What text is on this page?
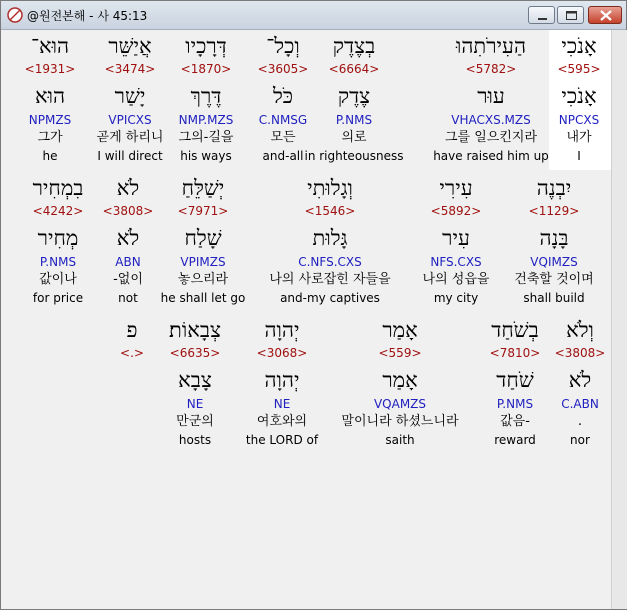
@원전본해 - 사 45:13
אָנֹכִי
<595>
אָנֹכִי
NPCXS
내가
I
הַעִירֹתִהוּ
<5782>
עוּר
VHACXS.MZS
그를 일으킨지라
have raised him up
בְצֶדֶק
<6664>
צֶדֶק
P.NMS
의로
in righteousness
וְכָל־
<3605>
כֹּל
C.NMSG
모든
and-all
דְּרָכָיו
<1870>
דֶּרֶךְ
NMP.MZS
그의-길을
his ways
אֲיַשֵּׁר
<3474>
יָשַׁר
VPICXS
곧게 하리니
I will direct
הוּא־
<1931>
הוּא
NPMZS
그가
he
יִבְנֶה
<1129>
בָּנָה
VQIMZS
건축할 것이며
shall build
עִירִי
<5892>
עִיר
NFS.CXS
나의 성읍을
my city
וְגָלוּתִי
<1546>
גָּלוּת
C.NFS.CXS
나의 사로잡힌 자들을
and-my captives
יְשַׁלֵּחַ
<7971>
שָׁלַח
VPIMZS
놓으리라
he shall let go
לֹא
<3808>
לֹא
ABN
-없이
not
בִמְחִיר
<4242>
מְחִיר
P.NMS
값이나
for price
וְלֹא
<3808>
לֹא
C.ABN
.
nor
בְשֹׁחַד
<7810>
שֹׁחַד
P.NMS
값음-
reward
אָמַר
<559>
אָמַר
VQAMZS
말이니라 하셨느니라
saith
יְהוָה
<3068>
יְהוָה
NE
여호와의
the LORD of
צְבָאוֹת׃
<6635>
צָבָא
NE
만군의
hosts
פ
<.>
